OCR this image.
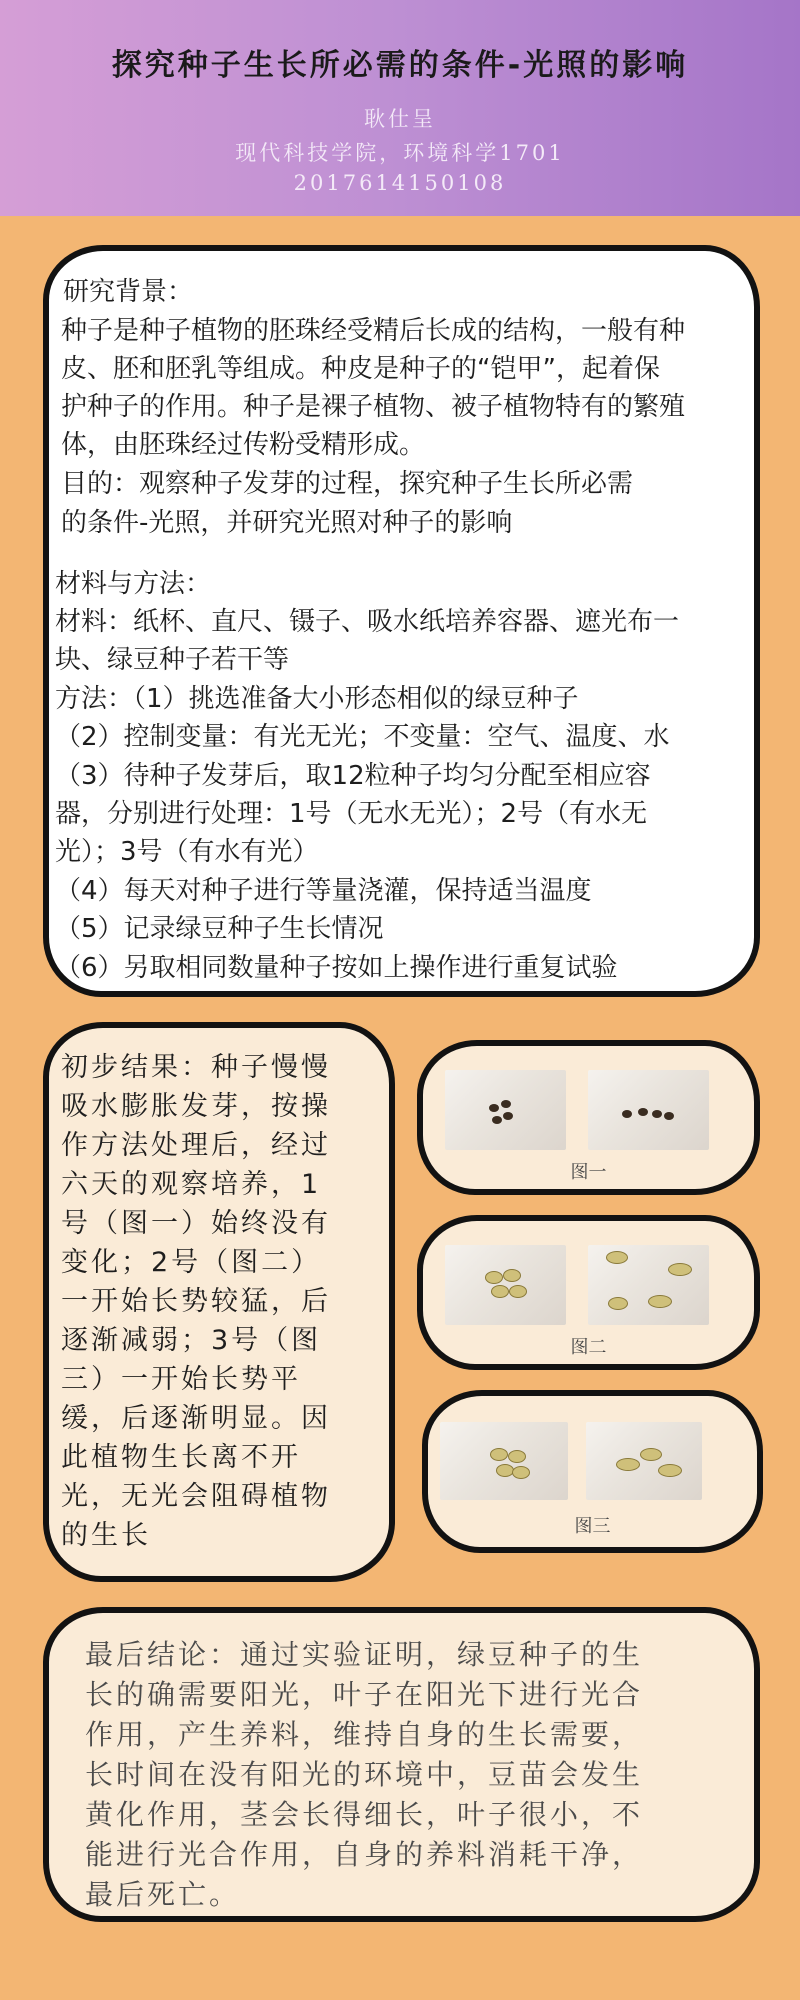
探究种子生长所必需的条件-光照的影响
耿仕呈
现代科技学院，环境科学1701
2017614150108

研究背景：

种子是种子植物的胚珠经受精后长成的结构，一般有种

皮、胚和胚乳等组成。种皮是种子的“铠甲”，起着保

护种子的作用。种子是裸子植物、被子植物特有的繁殖

体，由胚珠经过传粉受精形成。

目的：观察种子发芽的过程，探究种子生长所必需

的条件-光照，并研究光照对种子的影响

材料与方法：

材料：纸杯、直尺、镊子、吸水纸培养容器、遮光布一

块、绿豆种子若干等

方法：（1）挑选准备大小形态相似的绿豆种子

（2）控制变量：有光无光；不变量：空气、温度、水

（3）待种子发芽后，取12粒种子均匀分配至相应容

器，分别进行处理：1号（无水无光）；2号（有水无

光）；3号（有水有光）

（4）每天对种子进行等量浇灌，保持适当温度

（5）记录绿豆种子生长情况

（6）另取相同数量种子按如上操作进行重复试验

初步结果：种子慢慢

吸水膨胀发芽，按操

作方法处理后，经过

六天的观察培养，1

号（图一）始终没有

变化；2号（图二）

一开始长势较猛，后

逐渐减弱；3号（图

三）一开始长势平

缓，后逐渐明显。因

此植物生长离不开

光，无光会阻碍植物

的生长

图一
图二
图三

最后结论：通过实验证明，绿豆种子的生

长的确需要阳光，叶子在阳光下进行光合

作用，产生养料，维持自身的生长需要，

长时间在没有阳光的环境中，豆苗会发生

黄化作用，茎会长得细长，叶子很小，不

能进行光合作用，自身的养料消耗干净，

最后死亡。
